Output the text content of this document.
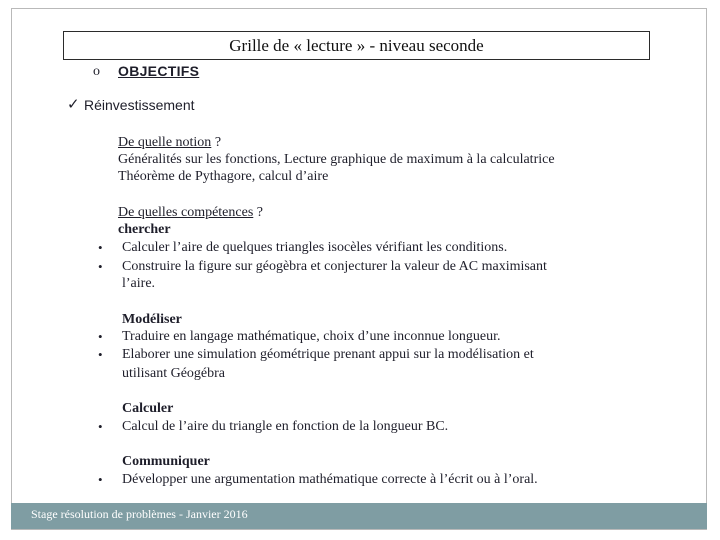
Grille de « lecture » - niveau seconde
o OBJECTIFS
✓ Réinvestissement
De quelle notion ?
Généralités sur les fonctions, Lecture graphique de maximum à la calculatrice
Théorème de Pythagore, calcul d’aire
De quelles compétences ?
chercher
• Calculer l’aire de quelques triangles isocèles vérifiant les conditions.
• Construire la figure sur géogèbra et conjecturer la valeur de AC maximisant
l’aire.
Modéliser
• Traduire en langage mathématique, choix d’une inconnue longueur.
• Elaborer une simulation géométrique prenant appui sur la modélisation et
utilisant Géogébra
Calculer
• Calcul de l’aire du triangle en fonction de la longueur BC.
Communiquer
• Développer une argumentation mathématique correcte à l’écrit ou à l’oral.
Stage résolution de problèmes - Janvier 2016
